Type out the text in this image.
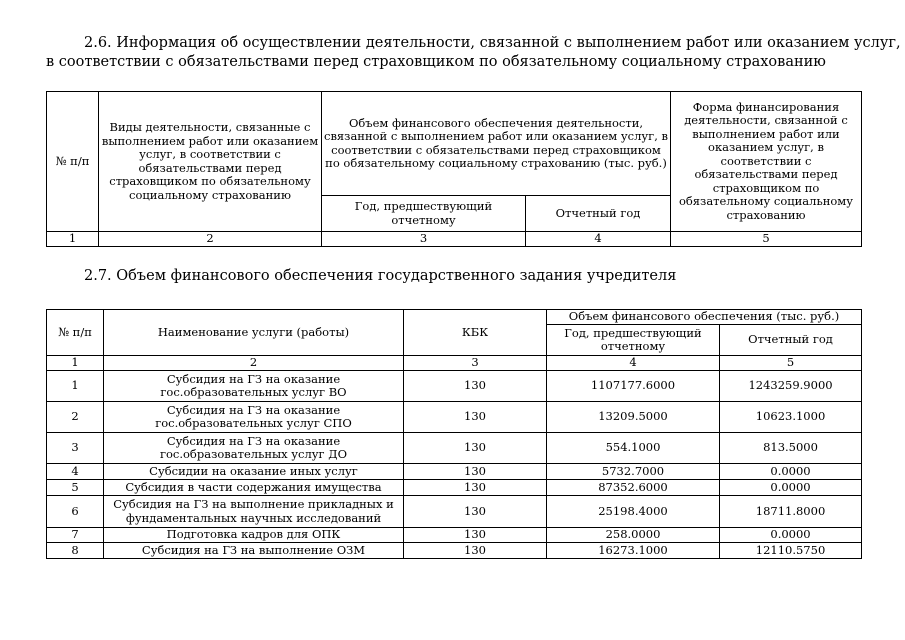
2.6. Информация об осуществлении деятельности, связанной с выполнением работ или оказанием услуг,
в соответствии с обязательствами перед страховщиком по обязательному социальному страхованию
№ п/п	Виды деятельности, связанные с выполнением работ или оказанием услуг, в соответствии с обязательствами перед страховщиком по обязательному социальному страхованию	Объем финансового обеспечения деятельности, связанной с выполнением работ или оказанием услуг, в соответствии с обязательствами перед страховщиком по обязательному социальному страхованию (тыс. руб.)		Форма финансирования деятельности, связанной с выполнением работ или оказанием услуг, в соответствии с обязательствами перед страховщиком по обязательному социальному страхованию
		Год, предшествующий отчетному	Отчетный год	
1	2	3	4	5
2.7. Объем финансового обеспечения государственного задания учредителя
№ п/п	Наименование услуги (работы)	КБК	Объем финансового обеспечения (тыс. руб.)	
			Год, предшествующий отчетному	Отчетный год
1	2	3	4	5
1	Субсидия на ГЗ на оказание гос.образовательных услуг ВО	130	1107177.6000	1243259.9000
2	Субсидия на ГЗ на оказание гос.образовательных услуг СПО	130	13209.5000	10623.1000
3	Субсидия на ГЗ на оказание гос.образовательных услуг ДО	130	554.1000	813.5000
4	Субсидии на оказание иных услуг	130	5732.7000	0.0000
5	Субсидия в части содержания имущества	130	87352.6000	0.0000
6	Субсидия на ГЗ на выполнение прикладных и фундаментальных научных исследований	130	25198.4000	18711.8000
7	Подготовка кадров для ОПК	130	258.0000	0.0000
8	Субсидия на ГЗ на выполнение ОЗМ	130	16273.1000	12110.5750
